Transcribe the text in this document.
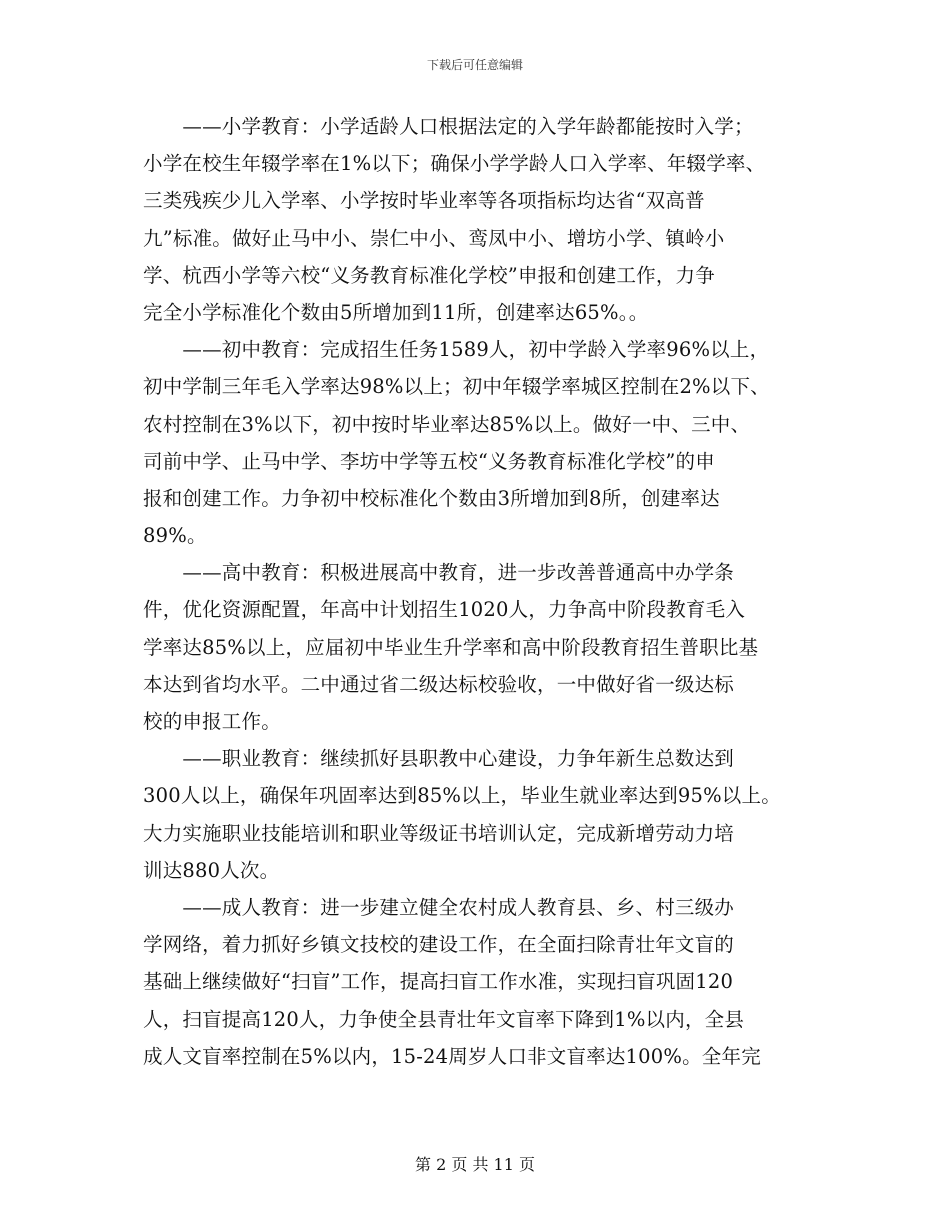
下载后可任意编辑
　　——小学教育：小学适龄人口根据法定的入学年龄都能按时入学；
小学在校生年辍学率在1%以下；确保小学学龄人口入学率、年辍学率、
三类残疾少儿入学率、小学按时毕业率等各项指标均达省“双高普
九”标准。做好止马中小、崇仁中小、鸾凤中小、增坊小学、镇岭小
学、杭西小学等六校“义务教育标准化学校”申报和创建工作，力争
完全小学标准化个数由5所增加到11所，创建率达65%。。
　　——初中教育：完成招生任务1589人，初中学龄入学率96%以上，
初中学制三年毛入学率达98%以上；初中年辍学率城区控制在2%以下、
农村控制在3%以下，初中按时毕业率达85%以上。做好一中、三中、
司前中学、止马中学、李坊中学等五校“义务教育标准化学校”的申
报和创建工作。力争初中校标准化个数由3所增加到8所，创建率达
89%。
　　——高中教育：积极进展高中教育，进一步改善普通高中办学条
件，优化资源配置，年高中计划招生1020人，力争高中阶段教育毛入
学率达85%以上，应届初中毕业生升学率和高中阶段教育招生普职比基
本达到省均水平。二中通过省二级达标校验收，一中做好省一级达标
校的申报工作。
　　——职业教育：继续抓好县职教中心建设，力争年新生总数达到
300人以上，确保年巩固率达到85%以上，毕业生就业率达到95%以上。
大力实施职业技能培训和职业等级证书培训认定，完成新增劳动力培
训达880人次。
　　——成人教育：进一步建立健全农村成人教育县、乡、村三级办
学网络，着力抓好乡镇文技校的建设工作，在全面扫除青壮年文盲的
基础上继续做好“扫盲”工作，提高扫盲工作水准，实现扫盲巩固120
人，扫盲提高120人，力争使全县青壮年文盲率下降到1%以内，全县
成人文盲率控制在5%以内，15-24周岁人口非文盲率达100%。全年完
第 2 页 共 11 页
